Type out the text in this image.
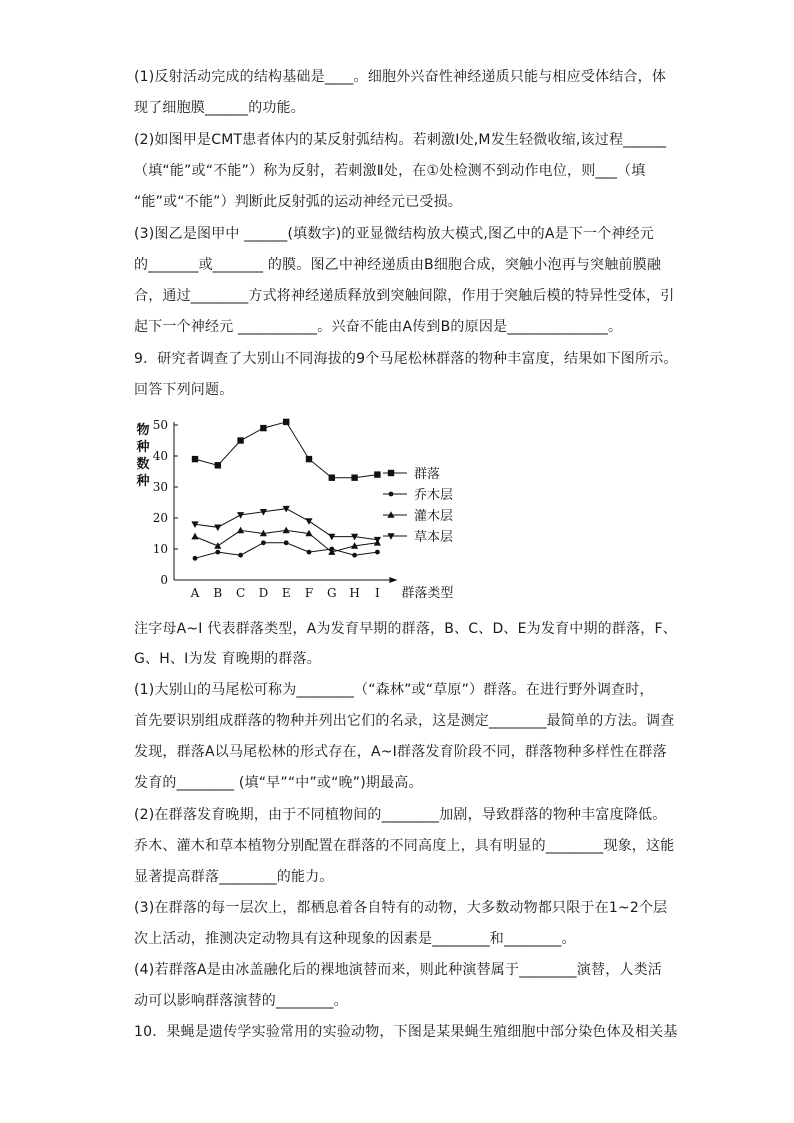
(1)反射活动完成的结构基础是____。细胞外兴奋性神经递质只能与相应受体结合，体
现了细胞膜______的功能。
(2)如图甲是CMT患者体内的某反射弧结构。若刺激Ⅰ处,M发生轻微收缩,该过程______
（填“能”或“不能”）称为反射，若刺激Ⅱ处，在①处检测不到动作电位，则___（填
“能”或“不能”）判断此反射弧的运动神经元已受损。
(3)图乙是图甲中 ______(填数字)的亚显微结构放大模式,图乙中的A是下一个神经元
的_______或_______ 的膜。图乙中神经递质由B细胞合成，突触小泡再与突触前膜融
合，通过________方式将神经递质释放到突触间隙，作用于突触后模的特异性受体，引
起下一个神经元 ___________。兴奋不能由A传到B的原因是______________。
9．研究者调查了大别山不同海拔的9个马尾松林群落的物种丰富度，结果如下图所示。
回答下列问题。
0
10
20
30
40
50
A B C D E F G H I
物
种
数
种
群落类型
群落
乔木层
灌木层
草本层
注字母A~I 代表群落类型，A为发育早期的群落，B、C、D、E为发育中期的群落，F、
G、H、I为发 育晚期的群落。
(1)大别山的马尾松可称为________（“森林”或“草原”）群落。在进行野外调查时，
首先要识别组成群落的物种并列出它们的名录，这是测定________最简单的方法。调查
发现，群落A以马尾松林的形式存在，A~I群落发育阶段不同，群落物种多样性在群落
发育的________ (填“早”“中”或“晚”)期最高。
(2)在群落发育晚期，由于不同植物间的________加剧，导致群落的物种丰富度降低。
乔木、灌木和草本植物分别配置在群落的不同高度上，具有明显的________现象，这能
显著提高群落________的能力。
(3)在群落的每一层次上，都栖息着各自特有的动物，大多数动物都只限于在1~2个层
次上活动，推测决定动物具有这种现象的因素是________和________。
(4)若群落A是由冰盖融化后的裸地演替而来，则此种演替属于________演替，人类活
动可以影响群落演替的________。
10．果蝇是遗传学实验常用的实验动物，下图是某果蝇生殖细胞中部分染色体及相关基
